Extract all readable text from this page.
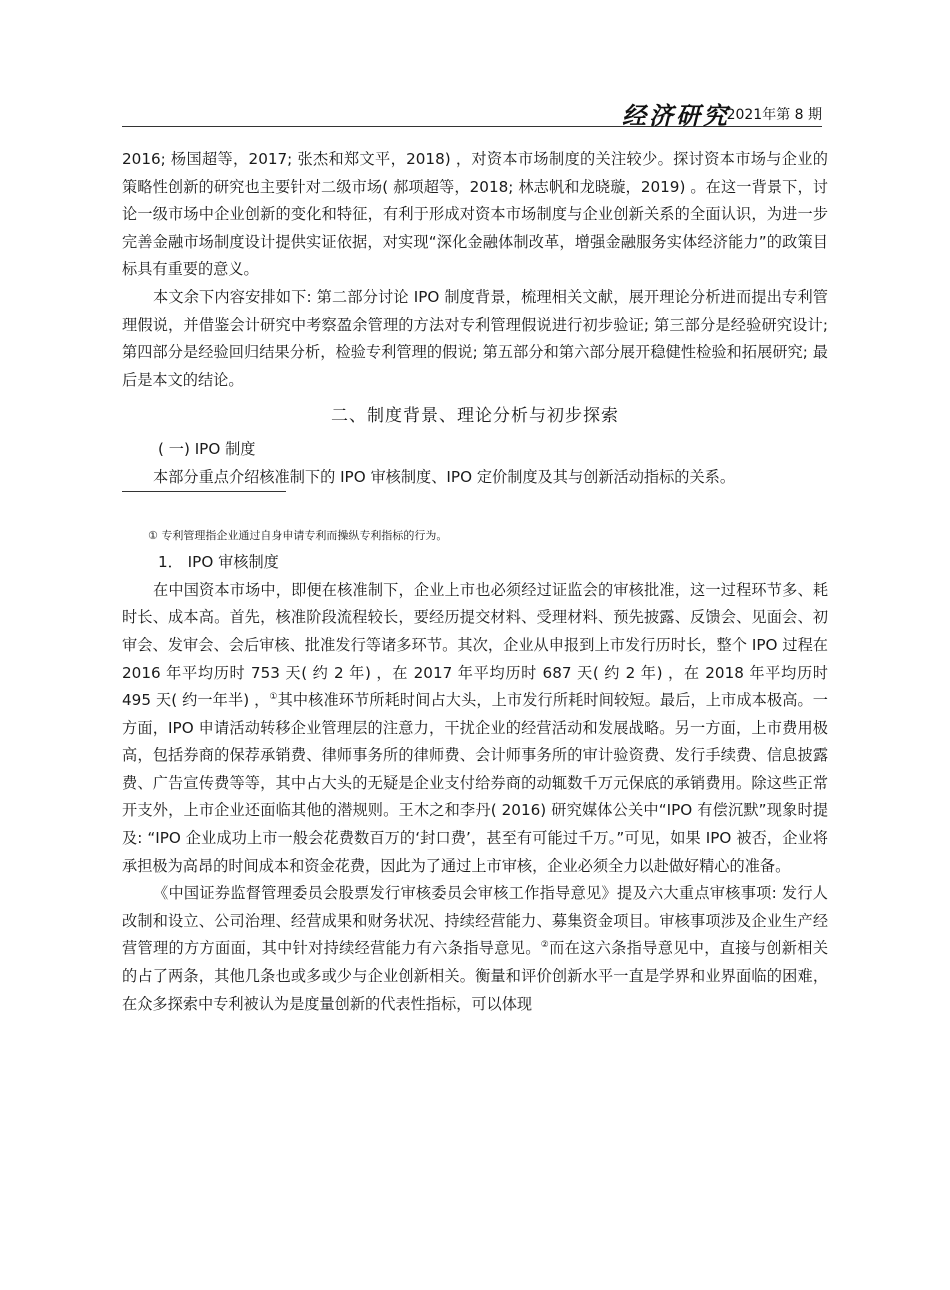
经济研究
2021年第 8 期

2016; 杨国超等，2017; 张杰和郑文平，2018) ，对资本市场制度的关注较少。探讨资本市场与企业的策略性创新的研究也主要针对二级市场( 郝项超等，2018; 林志帆和龙晓璇，2019) 。在这一背景下，讨论一级市场中企业创新的变化和特征，有利于形成对资本市场制度与企业创新关系的全面认识，为进一步完善金融市场制度设计提供实证依据，对实现“深化金融体制改革，增强金融服务实体经济能力”的政策目标具有重要的意义。

本文余下内容安排如下: 第二部分讨论 IPO 制度背景，梳理相关文献，展开理论分析进而提出专利管理假说，并借鉴会计研究中考察盈余管理的方法对专利管理假说进行初步验证; 第三部分是经验研究设计; 第四部分是经验回归结果分析，检验专利管理的假说; 第五部分和第六部分展开稳健性检验和拓展研究; 最后是本文的结论。

二、制度背景、理论分析与初步探索

( 一) IPO 制度

本部分重点介绍核准制下的 IPO 审核制度、IPO 定价制度及其与创新活动指标的关系。

① 专利管理指企业通过自身申请专利而操纵专利指标的行为。

1． IPO 审核制度

在中国资本市场中，即便在核准制下，企业上市也必须经过证监会的审核批准，这一过程环节多、耗时长、成本高。首先，核准阶段流程较长，要经历提交材料、受理材料、预先披露、反馈会、见面会、初审会、发审会、会后审核、批准发行等诸多环节。其次，企业从申报到上市发行历时长，整个 IPO 过程在 2016 年平均历时 753 天( 约 2 年) ，在 2017 年平均历时 687 天( 约 2 年) ，在 2018 年平均历时 495 天( 约一年半) ，①其中核准环节所耗时间占大头，上市发行所耗时间较短。最后，上市成本极高。一方面，IPO 申请活动转移企业管理层的注意力，干扰企业的经营活动和发展战略。另一方面，上市费用极高，包括券商的保荐承销费、律师事务所的律师费、会计师事务所的审计验资费、发行手续费、信息披露费、广告宣传费等等，其中占大头的无疑是企业支付给券商的动辄数千万元保底的承销费用。除这些正常开支外，上市企业还面临其他的潜规则。王木之和李丹( 2016) 研究媒体公关中“IPO 有偿沉默”现象时提及: “IPO 企业成功上市一般会花费数百万的‘封口费’，甚至有可能过千万。”可见，如果 IPO 被否，企业将承担极为高昂的时间成本和资金花费，因此为了通过上市审核，企业必须全力以赴做好精心的准备。

《中国证券监督管理委员会股票发行审核委员会审核工作指导意见》提及六大重点审核事项: 发行人改制和设立、公司治理、经营成果和财务状况、持续经营能力、募集资金项目。审核事项涉及企业生产经营管理的方方面面，其中针对持续经营能力有六条指导意见。②而在这六条指导意见中，直接与创新相关的占了两条，其他几条也或多或少与企业创新相关。衡量和评价创新水平一直是学界和业界面临的困难，在众多探索中专利被认为是度量创新的代表性指标，可以体现
